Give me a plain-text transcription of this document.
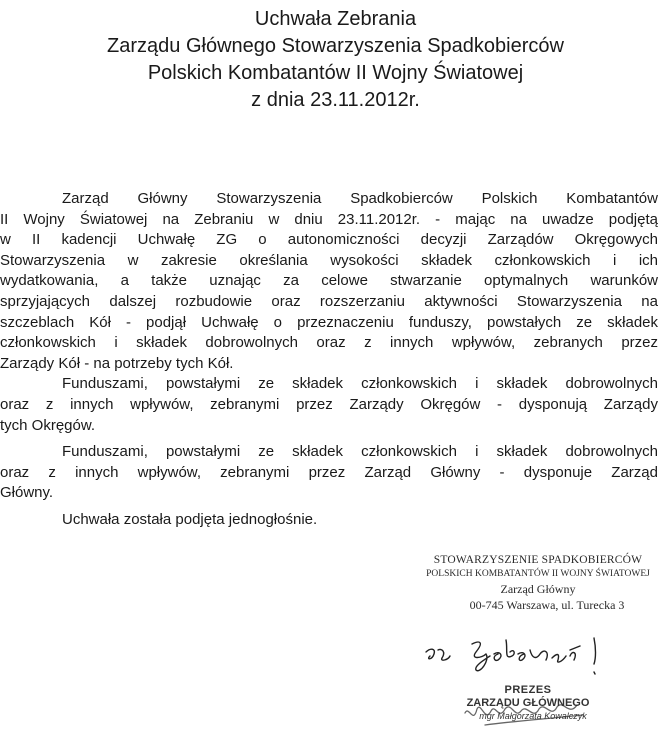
Uchwała Zebrania
Zarządu Głównego Stowarzyszenia Spadkobierców
Polskich Kombatantów II Wojny Światowej
z dnia 23.11.2012r.
Zarząd Główny Stowarzyszenia Spadkobierców Polskich Kombatantów
II Wojny Światowej na Zebraniu w dniu 23.11.2012r. - mając na uwadze podjętą
w II kadencji Uchwałę ZG o autonomiczności decyzji Zarządów Okręgowych
Stowarzyszenia w zakresie określania wysokości składek członkowskich i ich
wydatkowania, a także uznając za celowe stwarzanie optymalnych warunków
sprzyjających dalszej rozbudowie oraz rozszerzaniu aktywności Stowarzyszenia na
szczeblach Kół - podjął Uchwałę o przeznaczeniu funduszy, powstałych ze składek
członkowskich i składek dobrowolnych oraz z innych wpływów, zebranych przez
Zarządy Kół - na potrzeby tych Kół.
Funduszami, powstałymi ze składek członkowskich i składek dobrowolnych
oraz z innych wpływów, zebranymi przez Zarządy Okręgów - dysponują Zarządy
tych Okręgów.
Funduszami, powstałymi ze składek członkowskich i składek dobrowolnych
oraz z innych wpływów, zebranymi przez Zarząd Główny - dysponuje Zarząd
Główny.
Uchwała została podjęta jednogłośnie.
STOWARZYSZENIE SPADKOBIERCÓW
POLSKICH KOMBATANTÓW II WOJNY ŚWIATOWEJ
Zarząd Główny
00-745 Warszawa, ul. Turecka 3
PREZES
ZARZĄDU GŁÓWNEGO
mgr Małgorzata Kowalczyk
